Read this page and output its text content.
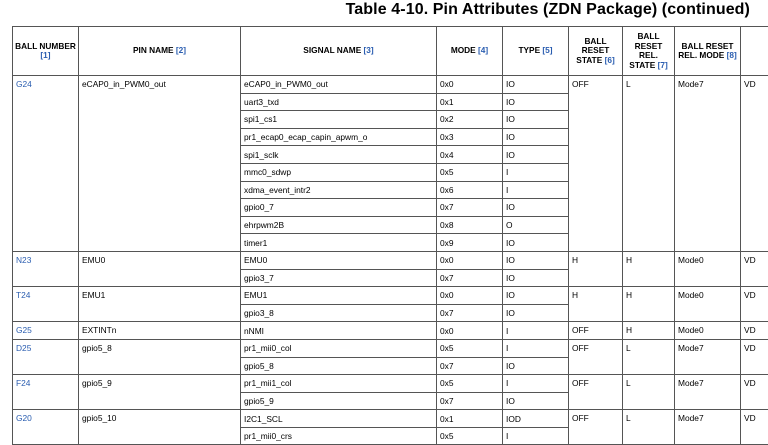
Table 4-10. Pin Attributes (ZDN Package) (continued)
BALL NUMBER [1]	PIN NAME [2]	SIGNAL NAME [3]	MODE [4]	TYPE [5]	BALL RESET STATE [6]	BALL RESET REL. STATE [7]	BALL RESET REL. MODE [8]	
G24	eCAP0_in_PWM0_out	eCAP0_in_PWM0_out	0x0	IO	OFF	L	Mode7	VD
		uart3_txd	0x1	IO				
		spi1_cs1	0x2	IO				
		pr1_ecap0_ecap_capin_apwm_o	0x3	IO				
		spi1_sclk	0x4	IO				
		mmc0_sdwp	0x5	I				
		xdma_event_intr2	0x6	I				
		gpio0_7	0x7	IO				
		ehrpwm2B	0x8	O				
		timer1	0x9	IO				
N23	EMU0	EMU0	0x0	IO	H	H	Mode0	VD
		gpio3_7	0x7	IO				
T24	EMU1	EMU1	0x0	IO	H	H	Mode0	VD
		gpio3_8	0x7	IO				
G25	EXTINTn	nNMI	0x0	I	OFF	H	Mode0	VD
D25	gpio5_8	pr1_mii0_col	0x5	I	OFF	L	Mode7	VD
		gpio5_8	0x7	IO				
F24	gpio5_9	pr1_mii1_col	0x5	I	OFF	L	Mode7	VD
		gpio5_9	0x7	IO				
G20	gpio5_10	I2C1_SCL	0x1	IOD	OFF	L	Mode7	VD
		pr1_mii0_crs	0x5	I				
